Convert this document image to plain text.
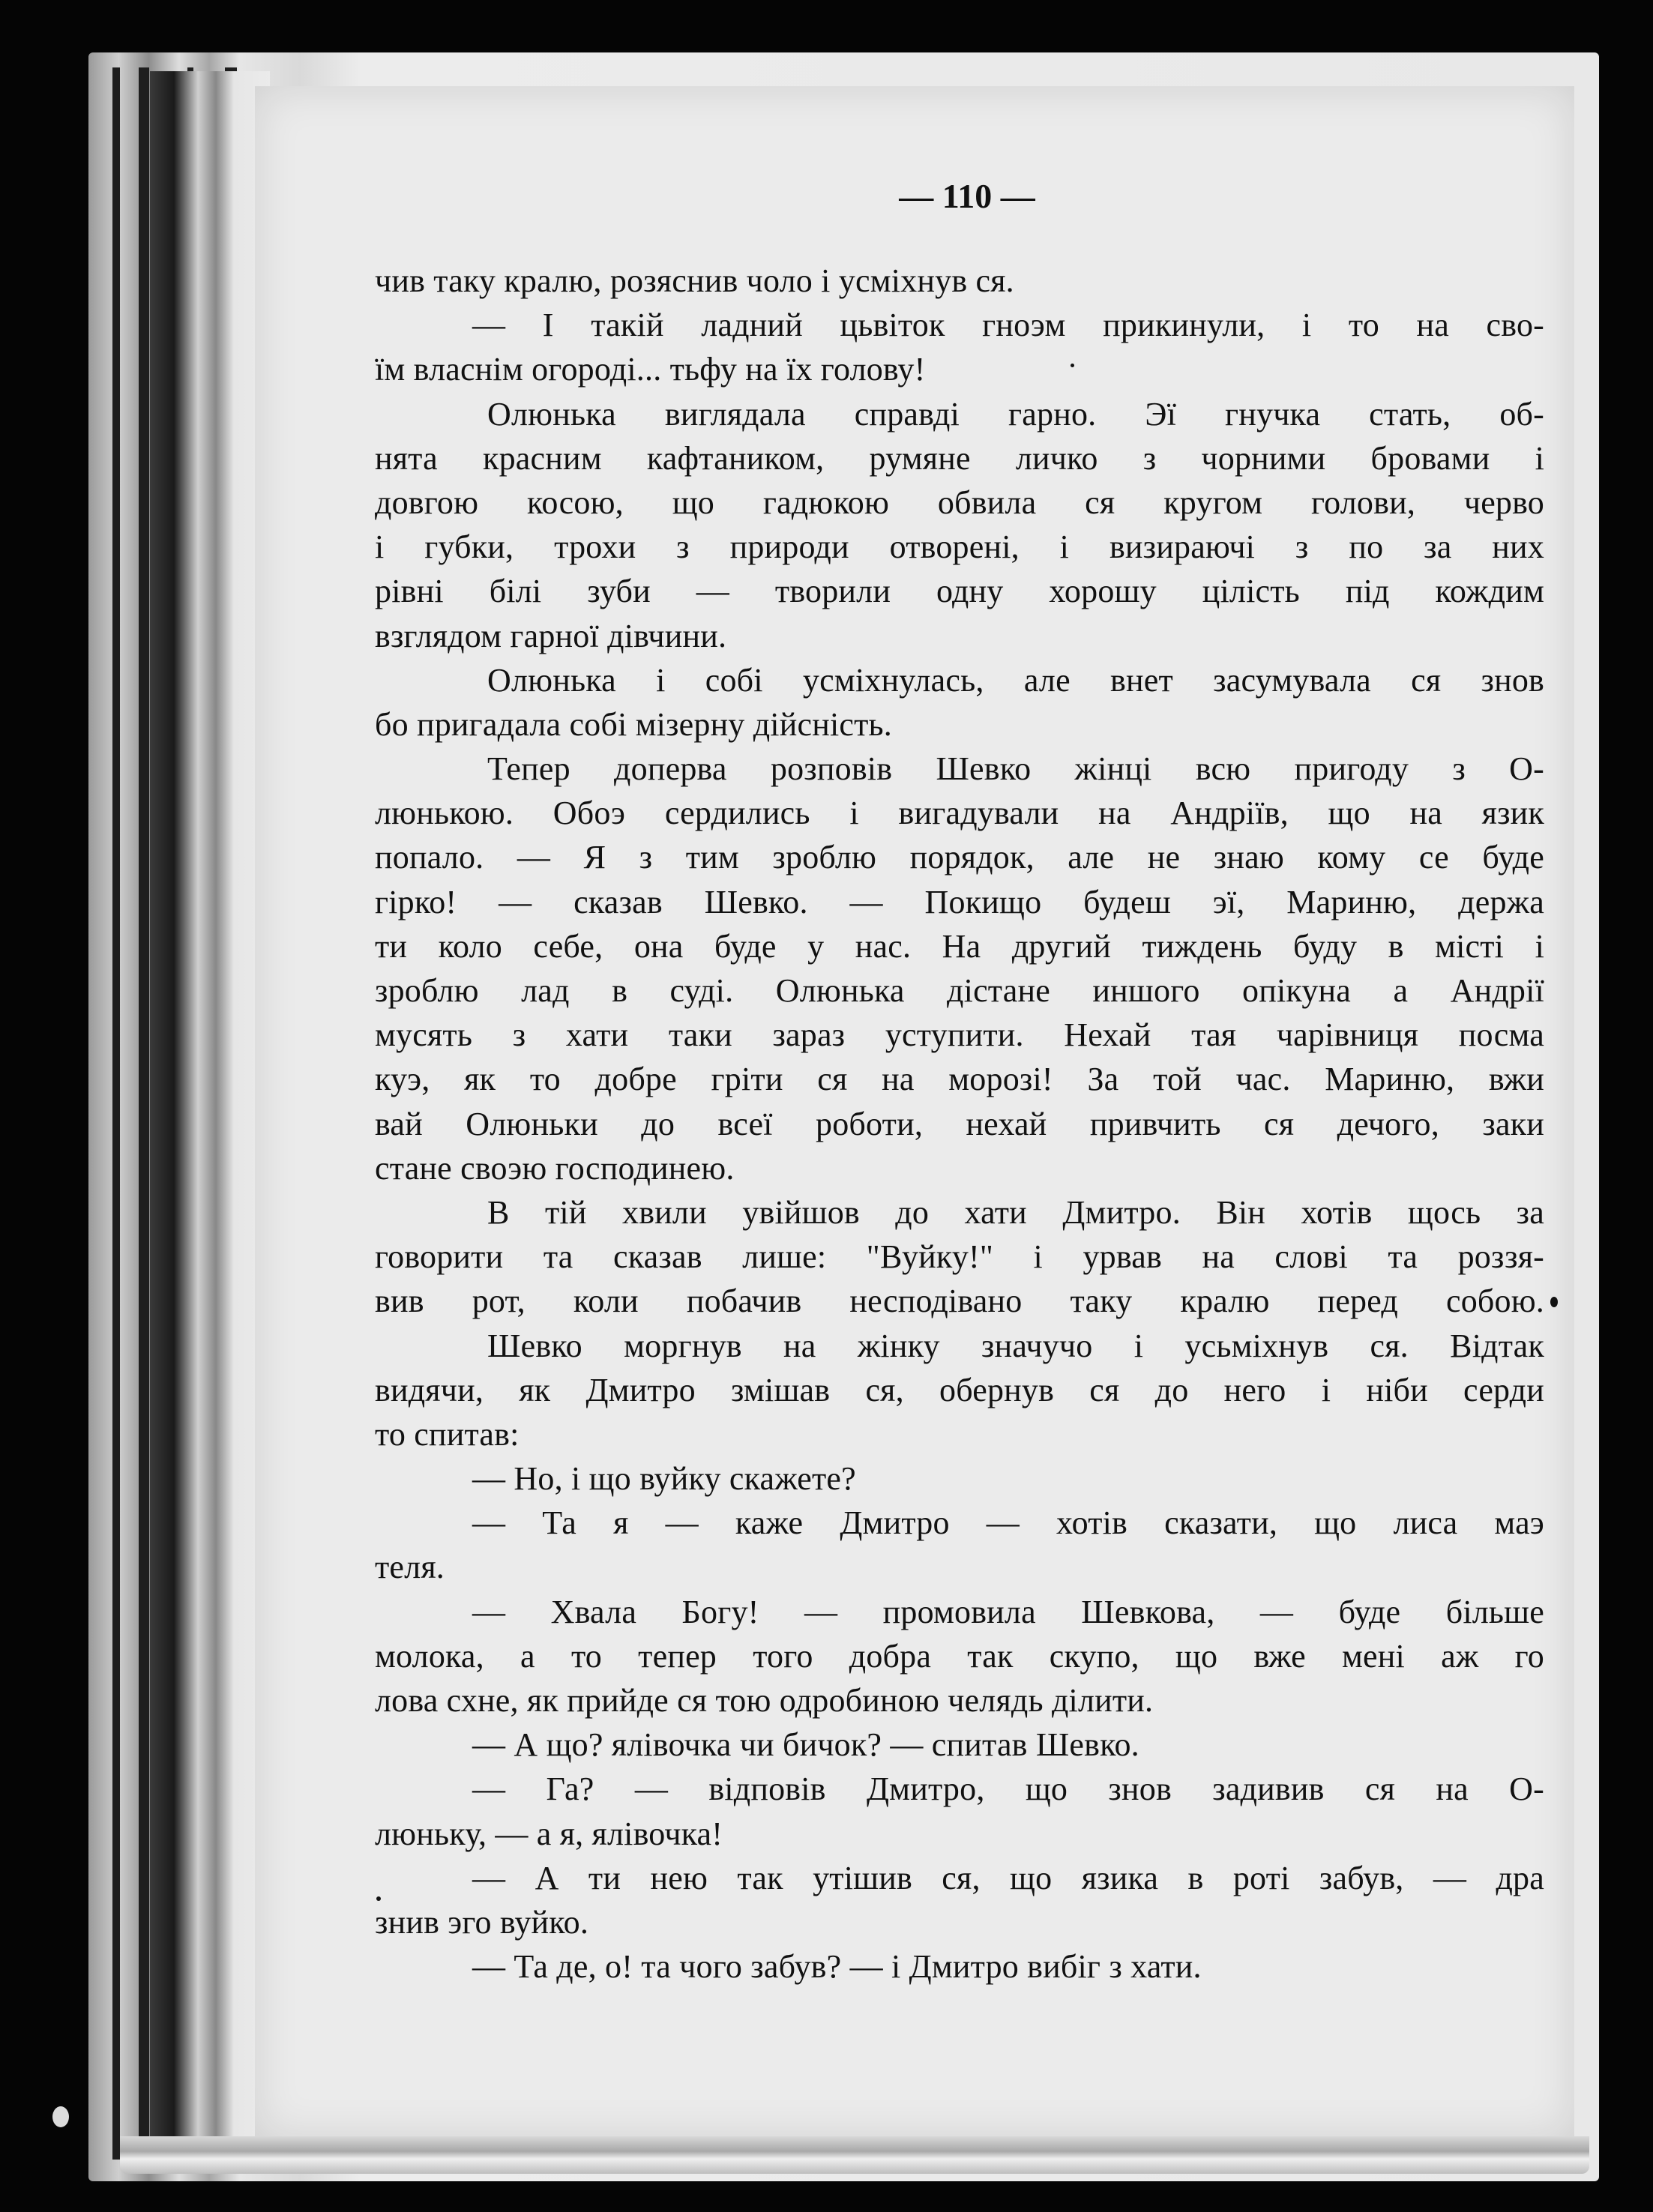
— 110 —
чив таку кралю, розяснив чоло і усміхнув ся.
— І такій ладний цьвіток гноэм прикинули, і то на сво-
їм власнім огороді... тьфу на їх голову!
Олюнька виглядала справді гарно. Эї гнучка стать, об-
нята красним кафтаником, румяне личко з чорними бровами і
довгою косою, що гадюкою обвила ся кругом голови, черво
і губки, трохи з природи отворені, і визираючі з по за них
рівні білі зуби — творили одну хорошу цілість під кождим
взглядом гарної дівчини.
Олюнька і собі усміхнулась, але внет засумувала ся знов
бо пригадала собі мізерну дійсність.
Тепер доперва розповів Шевко жінці всю пригоду з О-
люнькою. Обоэ сердились і вигадували на Андріїв, що на язик
попало. — Я з тим зроблю порядок, але не знаю кому се буде
гірко! — сказав Шевко. — Покищо будеш эї, Мариню, держа
ти коло себе, она буде у нас. На другий тиждень буду в місті і
зроблю лад в суді. Олюнька дістане иншого опікуна а Андрії
мусять з хати таки зараз уступити. Нехай тая чарівниця посма
куэ, як то добре гріти ся на морозі! За той час. Мариню, вжи
вай Олюньки до всеї роботи, нехай привчить ся дечого, заки
стане своэю господинею.
В тій хвили увійшов до хати Дмитро. Він хотів щось за
говорити та сказав лише: "Вуйку!" і урвав на слові та роззя-
вив рот, коли побачив несподівано таку кралю перед собою.
Шевко моргнув на жінку значучо і усьміхнув ся. Відтак
видячи, як Дмитро змішав ся, обернув ся до него і ніби серди
то спитав:
— Но, і що вуйку скажете?
— Та я — каже Дмитро — хотів сказати, що лиса маэ
теля.
— Хвала Богу! — промовила Шевкова, — буде більше
молока, а то тепер того добра так скупо, що вже мені аж го
лова схне, як прийде ся тою одробиною челядь ділити.
— А що? ялівочка чи бичок? — спитав Шевко.
— Га? — відповів Дмитро, що знов задивив ся на О-
люньку, — а я, ялівочка!
— А ти нею так утішив ся, що язика в роті забув, — дра
знив эго вуйко.
— Та де, о! та чого забув? — і Дмитро вибіг з хати.
